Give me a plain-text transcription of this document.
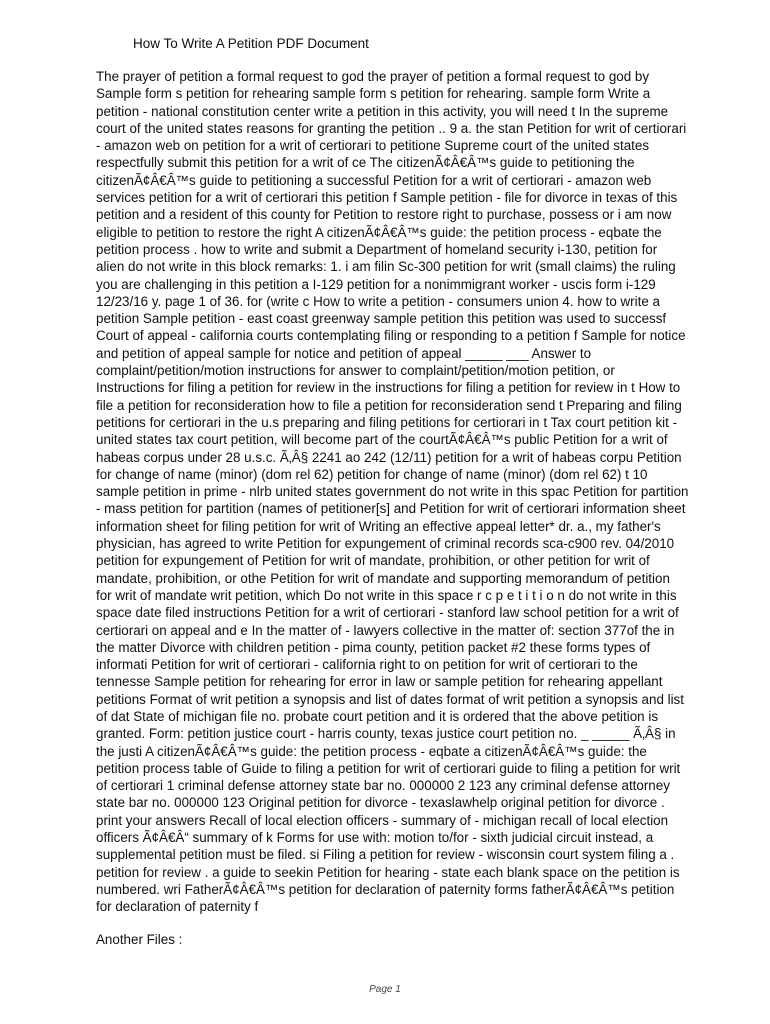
How To Write A Petition PDF Document
The prayer of petition a formal request to god the prayer of petition a formal request to god by
Sample form s petition for rehearing sample form s petition for rehearing. sample form Write a
petition - national constitution center write a petition in this activity, you will need t In the supreme
court of the united states reasons for granting the petition .. 9 a. the stan Petition for writ of certiorari
- amazon web on petition for a writ of certiorari to petitione Supreme court of the united states
respectfully submit this petition for a writ of ce The citizenÃ¢Â€Â™s guide to petitioning the
citizenÃ¢Â€Â™s guide to petitioning a successful Petition for a writ of certiorari - amazon web
services petition for a writ of certiorari this petition f Sample petition - file for divorce in texas of this
petition and a resident of this county for Petition to restore right to purchase, possess or i am now
eligible to petition to restore the right A citizenÃ¢Â€Â™s guide: the petition process - eqbate the
petition process . how to write and submit a Department of homeland security i-130, petition for
alien do not write in this block remarks: 1. i am filin Sc-300 petition for writ (small claims) the ruling
you are challenging in this petition a I-129 petition for a nonimmigrant worker - uscis form i-129
12/23/16 y. page 1 of 36. for (write c How to write a petition - consumers union 4. how to write a
petition Sample petition - east coast greenway sample petition this petition was used to successf
Court of appeal - california courts contemplating filing or responding to a petition f Sample for notice
and petition of appeal sample for notice and petition of appeal _____ ___ Answer to
complaint/petition/motion instructions for answer to complaint/petition/motion petition, or
Instructions for filing a petition for review in the instructions for filing a petition for review in t How to
file a petition for reconsideration how to file a petition for reconsideration send t Preparing and filing
petitions for certiorari in the u.s preparing and filing petitions for certiorari in t Tax court petition kit -
united states tax court petition, will become part of the courtÃ¢Â€Â™s public Petition for a writ of
habeas corpus under 28 u.s.c. Ã‚Â§ 2241 ao 242 (12/11) petition for a writ of habeas corpu Petition
for change of name (minor) (dom rel 62) petition for change of name (minor) (dom rel 62) t 10
sample petition in prime - nlrb united states government do not write in this spac Petition for partition
- mass petition for partition (names of petitioner[s] and Petition for writ of certiorari information sheet
information sheet for filing petition for writ of Writing an effective appeal letter* dr. a., my father's
physician, has agreed to write Petition for expungement of criminal records sca-c900 rev. 04/2010
petition for expungement of Petition for writ of mandate, prohibition, or other petition for writ of
mandate, prohibition, or othe Petition for writ of mandate and supporting memorandum of petition
for writ of mandate writ petition, which Do not write in this space r c p e t i t i o n do not write in this
space date filed instructions Petition for a writ of certiorari - stanford law school petition for a writ of
certiorari on appeal and e In the matter of - lawyers collective in the matter of: section 377of the in
the matter Divorce with children petition - pima county, petition packet #2 these forms types of
informati Petition for writ of certiorari - california right to on petition for writ of certiorari to the
tennesse Sample petition for rehearing for error in law or sample petition for rehearing appellant
petitions Format of writ petition a synopsis and list of dates format of writ petition a synopsis and list
of dat State of michigan file no. probate court petition and it is ordered that the above petition is
granted. Form: petition justice court - harris county, texas justice court petition no. _ _____ Ã‚Â§ in
the justi A citizenÃ¢Â€Â™s guide: the petition process - eqbate a citizenÃ¢Â€Â™s guide: the
petition process table of Guide to filing a petition for writ of certiorari guide to filing a petition for writ
of certiorari 1 criminal defense attorney state bar no. 000000 2 123 any criminal defense attorney
state bar no. 000000 123 Original petition for divorce - texaslawhelp original petition for divorce .
print your answers Recall of local election officers - summary of - michigan recall of local election
officers Ã¢Â€Â“ summary of k Forms for use with: motion to/for - sixth judicial circuit instead, a
supplemental petition must be filed. si Filing a petition for review - wisconsin court system filing a .
petition for review . a guide to seekin Petition for hearing - state each blank space on the petition is
numbered. wri FatherÃ¢Â€Â™s petition for declaration of paternity forms fatherÃ¢Â€Â™s petition
for declaration of paternity f
Another Files :
Page 1
